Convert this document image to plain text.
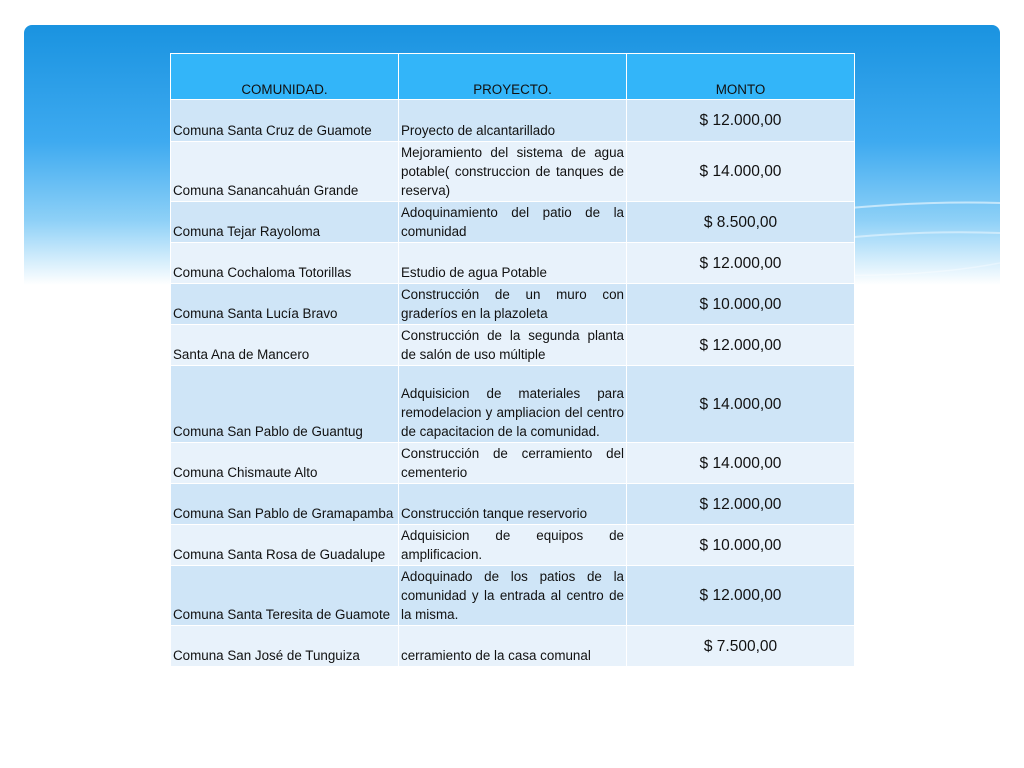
COMUNIDAD.	PROYECTO.	MONTO
Comuna Santa Cruz de Guamote	Proyecto de alcantarillado	$ 12.000,00
Comuna Sanancahuán Grande	Mejoramiento del sistema de agua potable( construccion de tanques de reserva)	$ 14.000,00
Comuna Tejar Rayoloma	Adoquinamiento del patio de la comunidad	$ 8.500,00
Comuna Cochaloma Totorillas	Estudio de agua Potable	$ 12.000,00
Comuna Santa Lucía Bravo	Construcción de un muro con graderíos en la plazoleta	$ 10.000,00
Santa Ana de Mancero	Construcción de la segunda planta de salón de uso múltiple	$ 12.000,00
Comuna San Pablo de Guantug	Adquisicion de materiales para remodelacion y ampliacion del centro de capacitacion de la comunidad.	$ 14.000,00
Comuna Chismaute Alto	Construcción de cerramiento del cementerio	$ 14.000,00
Comuna San Pablo de Gramapamba	Construcción tanque reservorio	$ 12.000,00
Comuna Santa Rosa de Guadalupe	Adquisicion de equipos de amplificacion.	$ 10.000,00
Comuna Santa Teresita de Guamote	Adoquinado de los patios de la comunidad y la entrada al centro de la misma.	$ 12.000,00
Comuna San José de Tunguiza	cerramiento de la casa comunal	$ 7.500,00
